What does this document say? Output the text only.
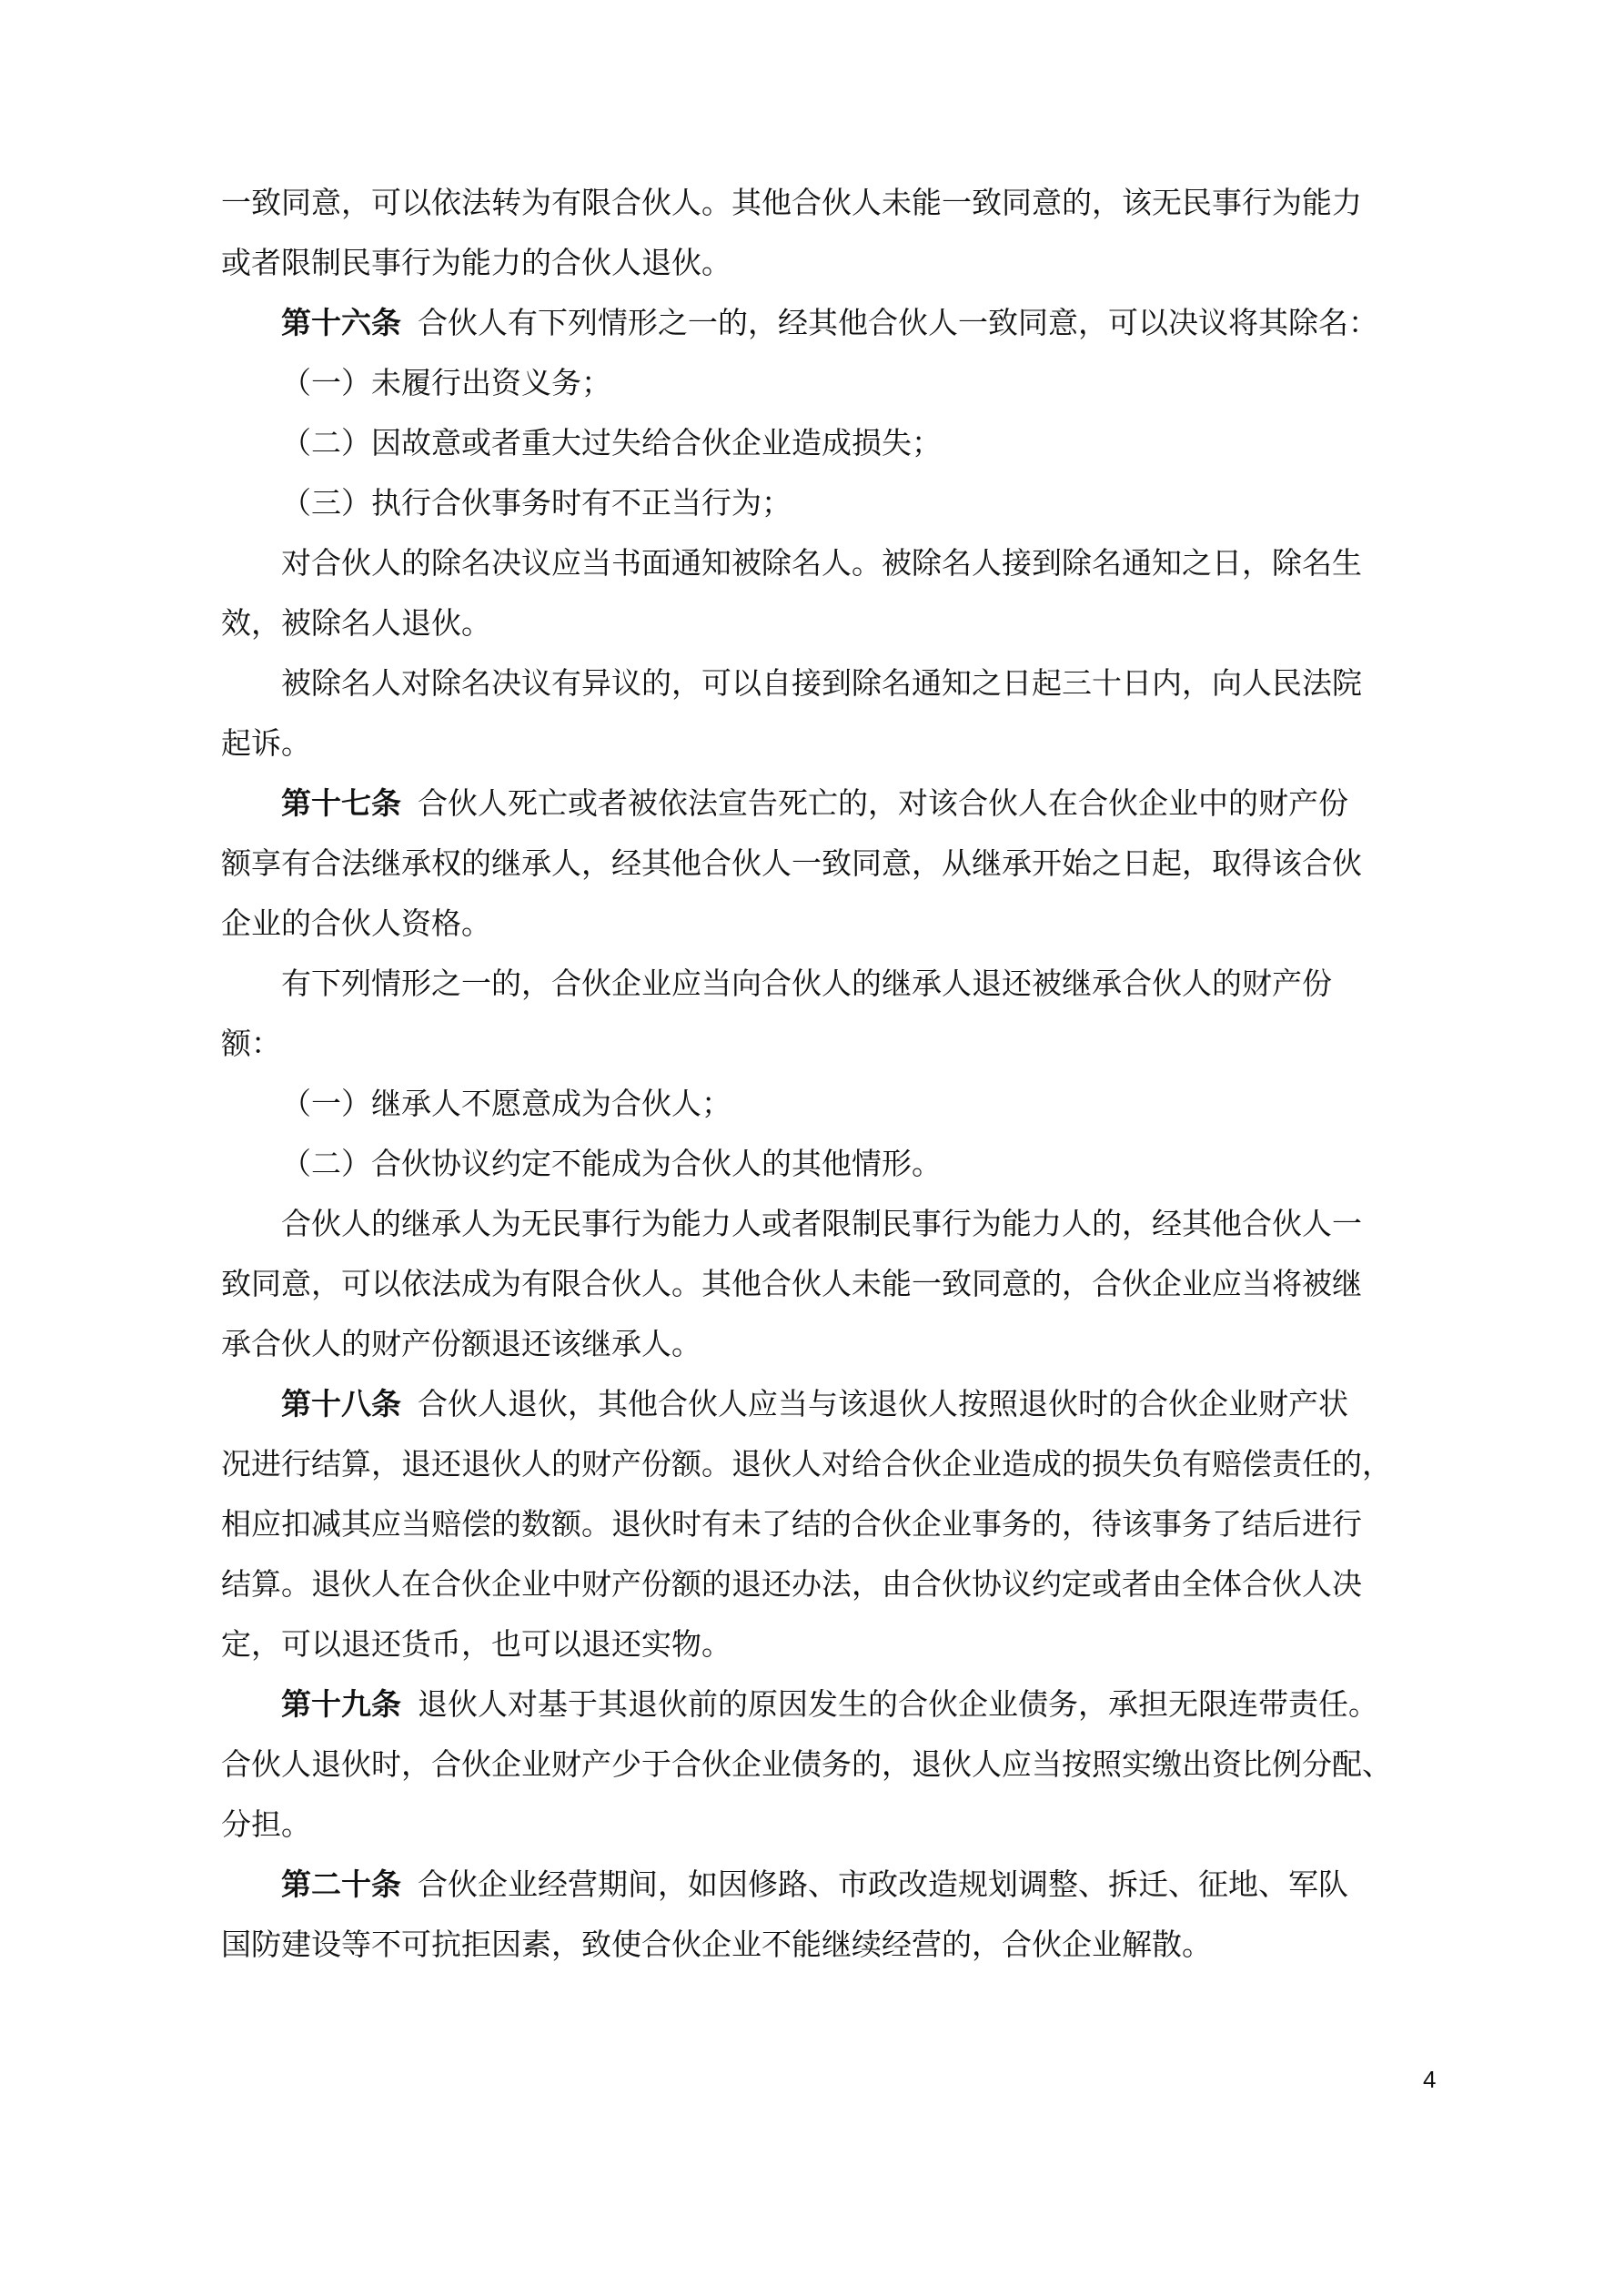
一致同意，可以依法转为有限合伙人。其他合伙人未能一致同意的，该无民事行为能力
或者限制民事行为能力的合伙人退伙。
第十六条 合伙人有下列情形之一的，经其他合伙人一致同意，可以决议将其除名：
（一）未履行出资义务；
（二）因故意或者重大过失给合伙企业造成损失；
（三）执行合伙事务时有不正当行为；
对合伙人的除名决议应当书面通知被除名人。被除名人接到除名通知之日，除名生
效，被除名人退伙。
被除名人对除名决议有异议的，可以自接到除名通知之日起三十日内，向人民法院
起诉。
第十七条 合伙人死亡或者被依法宣告死亡的，对该合伙人在合伙企业中的财产份
额享有合法继承权的继承人，经其他合伙人一致同意，从继承开始之日起，取得该合伙
企业的合伙人资格。
有下列情形之一的，合伙企业应当向合伙人的继承人退还被继承合伙人的财产份
额：
（一）继承人不愿意成为合伙人；
（二）合伙协议约定不能成为合伙人的其他情形。
合伙人的继承人为无民事行为能力人或者限制民事行为能力人的，经其他合伙人一
致同意，可以依法成为有限合伙人。其他合伙人未能一致同意的，合伙企业应当将被继
承合伙人的财产份额退还该继承人。
第十八条 合伙人退伙，其他合伙人应当与该退伙人按照退伙时的合伙企业财产状
况进行结算，退还退伙人的财产份额。退伙人对给合伙企业造成的损失负有赔偿责任的，
相应扣减其应当赔偿的数额。退伙时有未了结的合伙企业事务的，待该事务了结后进行
结算。退伙人在合伙企业中财产份额的退还办法，由合伙协议约定或者由全体合伙人决
定，可以退还货币，也可以退还实物。
第十九条 退伙人对基于其退伙前的原因发生的合伙企业债务，承担无限连带责任。
合伙人退伙时，合伙企业财产少于合伙企业债务的，退伙人应当按照实缴出资比例分配、
分担。
第二十条 合伙企业经营期间，如因修路、市政改造规划调整、拆迁、征地、军队
国防建设等不可抗拒因素，致使合伙企业不能继续经营的，合伙企业解散。
4
